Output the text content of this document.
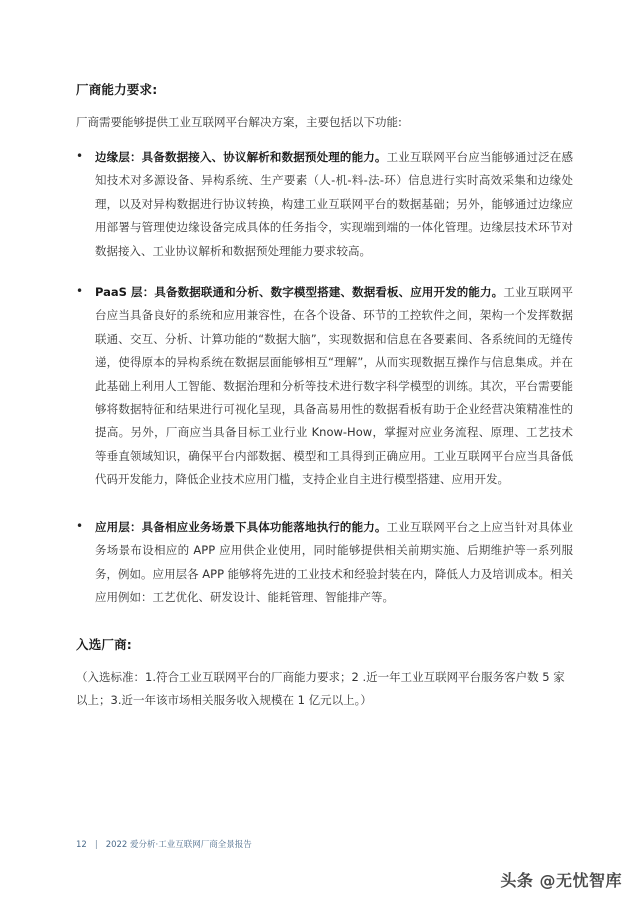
厂商能力要求:
厂商需要能够提供工业互联网平台解决方案，主要包括以下功能:
•	边缘层：具备数据接入、协议解析和数据预处理的能力。工业互联网平台应当能够通过泛在感知技术对多源设备、异构系统、生产要素（人-机-料-法-环）信息进行实时高效采集和边缘处理，以及对异构数据进行协议转换，构建工业互联网平台的数据基础；另外，能够通过边缘应用部署与管理使边缘设备完成具体的任务指令，实现端到端的一体化管理。边缘层技术环节对数据接入、工业协议解析和数据预处理能力要求较高。
•	PaaS 层：具备数据联通和分析、数字模型搭建、数据看板、应用开发的能力。工业互联网平台应当具备良好的系统和应用兼容性，在各个设备、环节的工控软件之间，架构一个发挥数据联通、交互、分析、计算功能的“数据大脑”，实现数据和信息在各要素间、各系统间的无缝传递，使得原本的异构系统在数据层面能够相互“理解”，从而实现数据互操作与信息集成。并在此基础上利用人工智能、数据治理和分析等技术进行数字科学模型的训练。其次，平台需要能够将数据特征和结果进行可视化呈现，具备高易用性的数据看板有助于企业经营决策精准性的提高。另外，厂商应当具备目标工业行业 Know-How，掌握对应业务流程、原理、工艺技术等垂直领域知识，确保平台内部数据、模型和工具得到正确应用。工业互联网平台应当具备低代码开发能力，降低企业技术应用门槛，支持企业自主进行模型搭建、应用开发。
•	应用层：具备相应业务场景下具体功能落地执行的能力。工业互联网平台之上应当针对具体业务场景布设相应的 APP 应用供企业使用，同时能够提供相关前期实施、后期维护等一系列服务，例如。应用层各 APP 能够将先进的工业技术和经验封装在内，降低人力及培训成本。相关应用例如：工艺优化、研发设计、能耗管理、智能排产等。
入选厂商:
（入选标准：1.符合工业互联网平台的厂商能力要求；2 .近一年工业互联网平台服务客户数 5 家以上；3.近一年该市场相关服务收入规模在 1 亿元以上。）
12 | 2022 爱分析·工业互联网厂商全景报告
头条 @无忧智库
